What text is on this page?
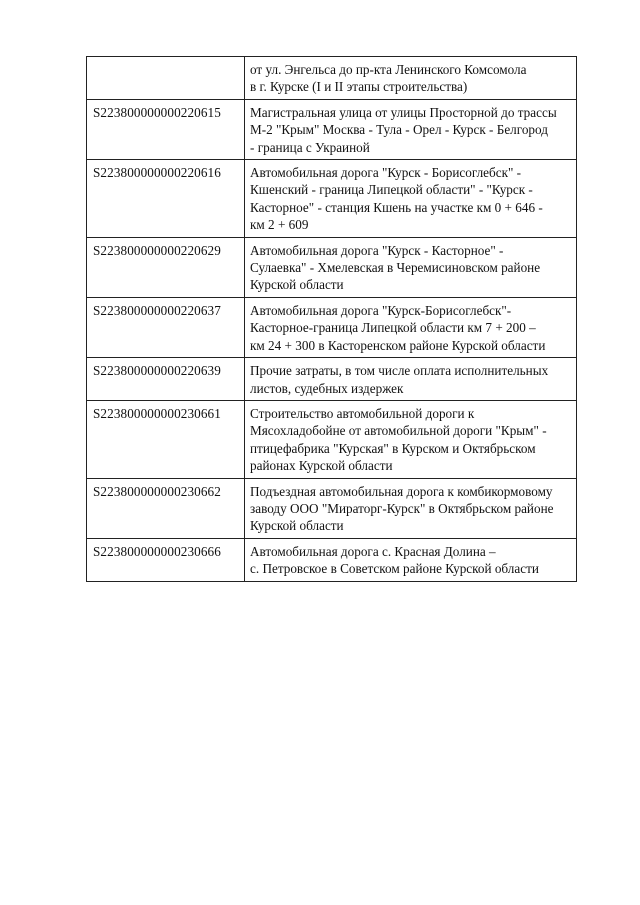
	от ул. Энгельса до пр-кта Ленинского Комсомола
в г. Курске (I и II этапы строительства)
S223800000000220615	Магистральная улица от улицы Просторной до трассы
М-2 "Крым" Москва - Тула - Орел - Курск - Белгород
- граница с Украиной
S223800000000220616	Автомобильная дорога "Курск - Борисоглебск" -
Кшенский - граница Липецкой области" - "Курск -
Касторное" - станция Кшень на участке км 0 + 646 -
км 2 + 609
S223800000000220629	Автомобильная дорога "Курск - Касторное" -
Сулаевка" - Хмелевская в Черемисиновском районе
Курской области
S223800000000220637	Автомобильная дорога "Курск-Борисоглебск"-
Касторное-граница Липецкой области км 7 + 200 –
км 24 + 300 в Касторенском районе Курской области
S223800000000220639	Прочие затраты, в том числе оплата исполнительных
листов, судебных издержек
S223800000000230661	Строительство автомобильной дороги к
Мясохладобойне от автомобильной дороги "Крым" -
птицефабрика "Курская" в Курском и Октябрьском
районах Курской области
S223800000000230662	Подъездная автомобильная дорога к комбикормовому
заводу ООО "Мираторг-Курск" в Октябрьском районе
Курской области
S223800000000230666	Автомобильная дорога с. Красная Долина –
с. Петровское в Советском районе Курской области
